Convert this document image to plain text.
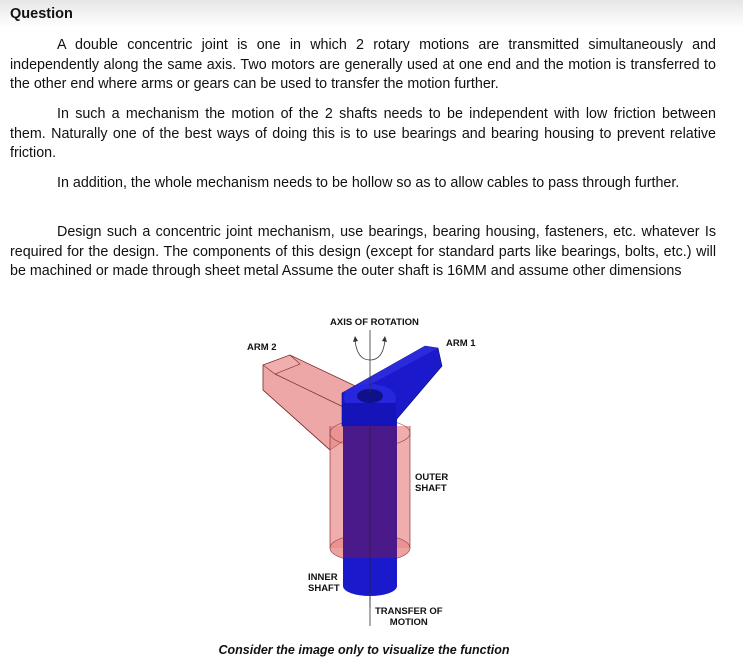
Question

A double concentric joint is one in which 2 rotary motions are transmitted simultaneously and independently along the same axis. Two motors are generally used at one end and the motion is transferred to the other end where arms or gears can be used to transfer the motion further.

In such a mechanism the motion of the 2 shafts needs to be independent with low friction between them. Naturally one of the best ways of doing this is to use bearings and bearing housing to prevent relative friction.

In addition, the whole mechanism needs to be hollow so as to allow cables to pass through further.

Design such a concentric joint mechanism, use bearings, bearing housing, fasteners, etc. whatever Is required for the design. The components of this design (except for standard parts like bearings, bolts, etc.) will be machined or made through sheet metal Assume the outer shaft is 16MM and assume other dimensions

AXIS OF ROTATION
ARM 1
ARM 2
OUTER
SHAFT
INNER
SHAFT
TRANSFER OF
MOTION
Consider the image only to visualize the function
